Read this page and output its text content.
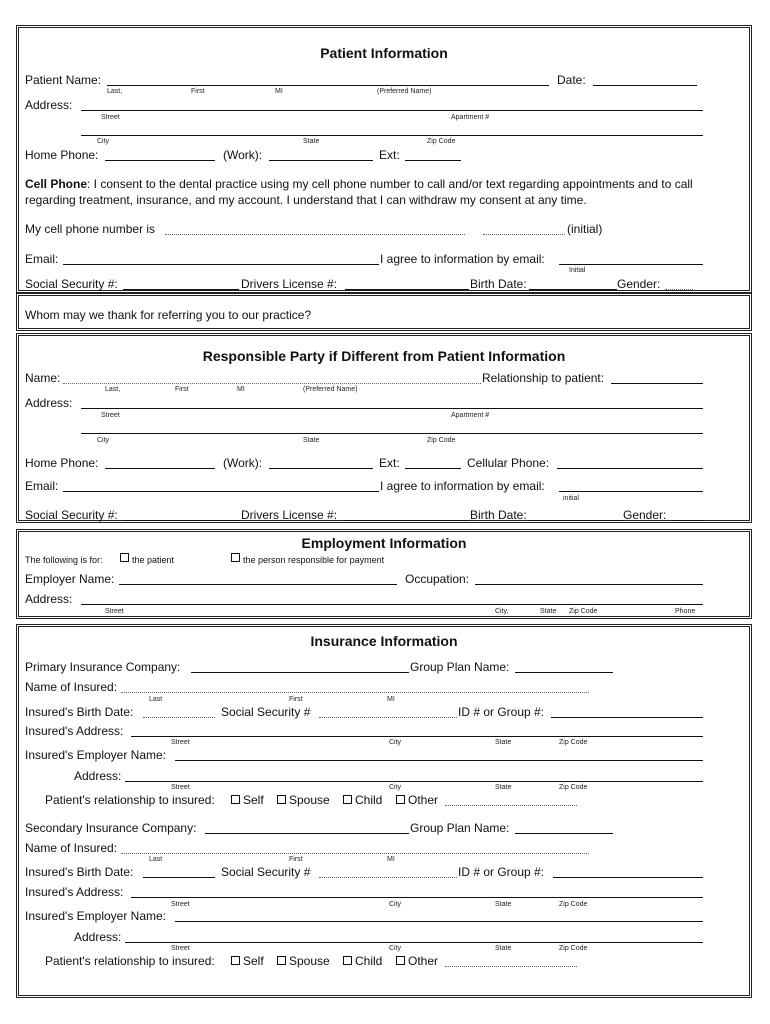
Patient Information
Patient Name:	Date:
Last,	First	MI	(Preferred Name)
Address:
Street	Apartment #
City	State	Zip Code
Home Phone:	(Work):	Ext:
Cell Phone: I consent to the dental practice using my cell phone number to call and/or text regarding appointments and to call
regarding treatment, insurance, and my account. I understand that I can withdraw my consent at any time.
My cell phone number is	(initial)
Email:	I agree to information by email:
Initial
Social Security #:	Drivers License #:	Birth Date:	Gender:
Whom may we thank for referring you to our practice?
Responsible Party if Different from Patient Information
Name:	Relationship to patient:
Last,	First	MI	(Preferred Name)
Address:
Street	Apartment #
City	State	Zip Code
Home Phone:	(Work):	Ext:	Cellular Phone:
Email:	I agree to information by email:
initial
Social Security #:	Drivers License #:	Birth Date:	Gender:
Employment Information
The following is for:	the patient	the person responsible for payment
Employer Name:	Occupation:
Address:
Street	City,	State Zip Code	Phone
Insurance Information
Primary Insurance Company:	Group Plan Name:
Name of Insured:
Last	First	MI
Insured's Birth Date:	Social Security #	ID # or Group #:
Insured's Address:
Street	City	State	Zip Code
Insured's Employer Name:
Address:
Street	City	State	Zip Code
Patient's relationship to insured: Self Spouse Child Other
Secondary Insurance Company:	Group Plan Name:
Name of Insured:
Last	First	MI
Insured's Birth Date:	Social Security #	ID # or Group #:
Insured's Address:
Street	City	State	Zip Code
Insured's Employer Name:
Address:
Street	City	State	Zip Code
Patient's relationship to insured: Self Spouse Child Other
